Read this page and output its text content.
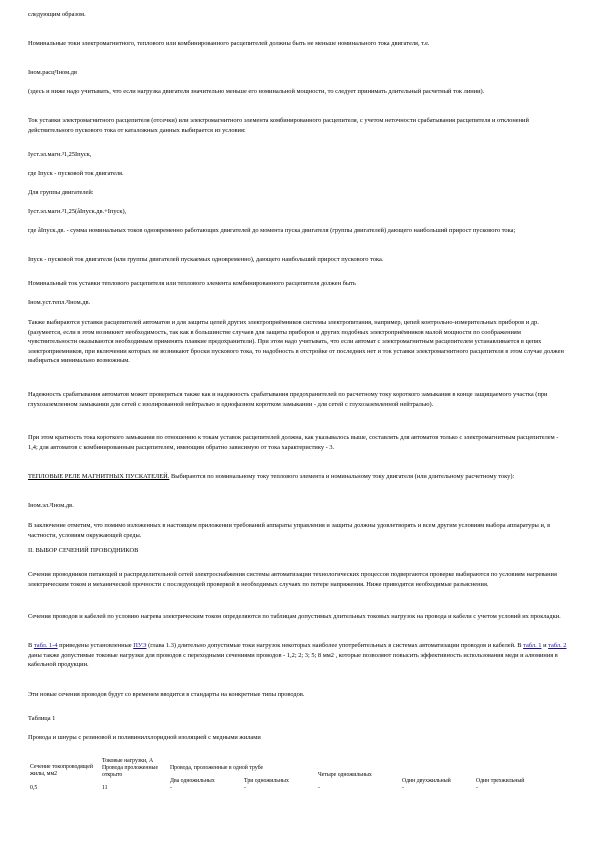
следующим образом.

Номинальные токи электромагнитного, теплового или комбинированного расцепителей должны быть не меньше номинального тока двигателя, т.е.

Iном.расц³Iном.дв

(здесь и ниже надо учитывать, что если нагрузка двигателя значительно меньше его номинальной мощности, то следует принимать длительный расчетный ток линии).

Ток уставки электромагнитного расцепителя (отсечки) или электромагнитного элемента комбинированного расцепителя, с учетом неточности срабатывания расцепителя и отклонений действительного пускового тока от каталожных данных выбирается из условия:

Iуст.эл.магн.³1,25Iпуск,

где Iпуск - пусковой ток двигателя.

Для группы двигателей:

Iуст.эл.магн.³1,25(åIпуск.дв.+Iпуск),

где åIпуск.дв. - сумма номинальных токов одновременно работающих двигателей до момента пуска двигателя (группы двигателей) дающего наибольший прирост пускового тока;

Iпуск - пусковой ток двигателя (или группы двигателей пускаемых одновременно), дающего наибольший прирост пускового тока.

Номинальный ток уставки теплового расцепителя или теплового элемента комбинированного расцепителя должен быть

Iном.уст.тепл.³Iном.дв.

Также выбираются уставки расцепителей автоматов и для защиты цепей других электроприёмников системы электропитания, например, цепей контрольно-измерительных приборов и др. (разумеется, если в этом возникнет необходимость, так как в большинстве случаев для защиты приборов и других подобных электроприёмников малой мощности по соображениям чувствительности оказываются необходимым применять плавкие предохранители). При этом надо учитывать, что если автомат с электромагнитным расцепителем устанавливается в цепях электроприемников, при включении которых не возникают броски пускового тока, то надобность в отстройке от последних нет и ток уставки электромагнитного расцепителя в этом случае должен выбираться минимально возможным.

Надежность срабатывания автоматов может проверяться также как и надежность срабатывания предохранителей по расчетному току короткого замыкания в конце защищаемого участка (при глухозаземленном замыкании для сетей с изолированной нейтралью и однофазном коротком замыкании - для сетей с глухозаземленной нейтралью).

При этом кратность тока короткого замыкания по отношению к токам уставок расцепителей должна, как указывалось выше, составлять для автоматов только с электромагнитным расцепителем - 1,4; для автоматов с комбинированным расцепителем, имеющим обратно зависимую от тока характеристику - 3.

ТЕПЛОВЫЕ РЕЛЕ МАГНИТНЫХ ПУСКАТЕЛЕЙ. Выбираются по номинальному току теплового элемента и номинальному току двигателя (или длительному расчетному току):

Iном.эл.³Iном.дв.

В заключение отметим, что помимо изложенных в настоящем приложении требований аппараты управления и защиты должны удовлетворять и всем другим условиям выбора аппаратуры и, в частности, условиям окружающей среды.

II. ВЫБОР СЕЧЕНИЙ ПРОВОДНИКОВ

Сечения проводников питающей и распределительной сетей электроснабжения системы автоматизации технологических процессов подвергаются проверке выбираются по условиям нагревания электрическим током и механической прочности с последующей проверкой в необходимых случаях по потере напряжения. Ниже приводятся необходимые разъяснения.

Сечения проводов и кабелей по условию нагрева электрическим током определяются по таблицам допустимых длительных токовых нагрузок на провода и кабели с учетом условий их прокладки.

В табл. 1-4 приведены установленные ПУЭ (глава 1.3) длительно допустимые токи нагрузок некоторых наиболее употребительных в системах автоматизации проводов и кабелей. В табл. 1 и табл. 2 даны также допустимые токовые нагрузки для проводов с переходными сечениями проводов - 1,2; 2; 3; 5; 8 мм2 , которые позволяют повысить эффективность использования меди и алюминия в кабельной продукции.

Эти новые сечения проводов будут со временем вводится в стандарты на конкретные типы проводов.

Таблица 1

Провода и шнуры с резиновой и поливинилхлоридной изоляцией с медными жилами

Сечение токопроводящей жилы, мм2	Токовые нагрузки, А					
	Провода проложенные открыто	Провода, проложенные в одной трубе				
		Два одножильных	Три одножильных	Четыре одножильных	Один двухжильный	Один трехжильный
0,5	11	-	-	-	-	-
